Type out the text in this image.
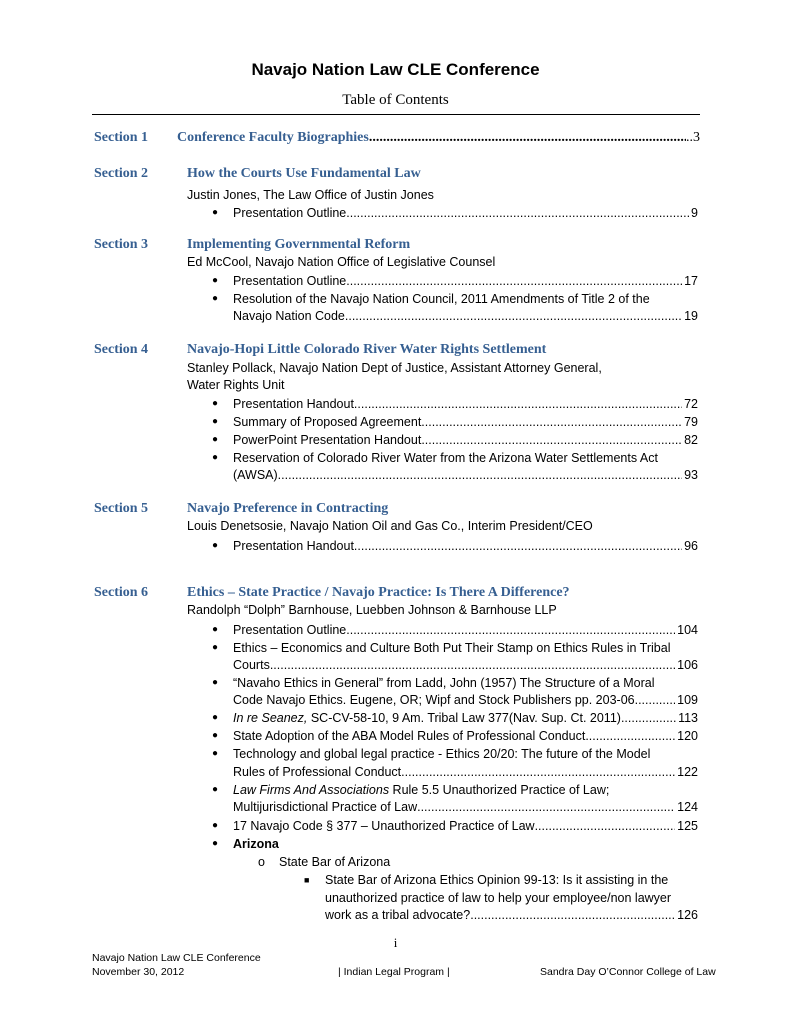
Navajo Nation Law CLE Conference
Table of Contents
Section 1 Conference Faculty Biographies .....	..3
Section 2	How the Courts Use Fundamental Law
Justin Jones, The Law Office of Justin Jones
● Presentation Outline .....	9
Section 3	Implementing Governmental Reform
Ed McCool, Navajo Nation Office of Legislative Counsel
● Presentation Outline .....	17
● Resolution of the Navajo Nation Council, 2011 Amendments of Title 2 of the
Navajo Nation Code .....	19
Section 4	Navajo-Hopi Little Colorado River Water Rights Settlement
Stanley Pollack, Navajo Nation Dept of Justice, Assistant Attorney General,
Water Rights Unit
● Presentation Handout .....	72
● Summary of Proposed Agreement .....	79
● PowerPoint Presentation Handout .....	82
● Reservation of Colorado River Water from the Arizona Water Settlements Act
(AWSA) .....	93
Section 5	Navajo Preference in Contracting
Louis Denetsosie, Navajo Nation Oil and Gas Co., Interim President/CEO
● Presentation Handout .....	96
Section 6	Ethics – State Practice / Navajo Practice: Is There A Difference?
Randolph “Dolph” Barnhouse, Luebben Johnson & Barnhouse LLP
● Presentation Outline .....	104
● Ethics – Economics and Culture Both Put Their Stamp on Ethics Rules in Tribal
Courts .....	106
● “Navaho Ethics in General” from Ladd, John (1957) The Structure of a Moral
Code Navajo Ethics. Eugene, OR; Wipf and Stock Publishers pp. 203-06 .....	109
● In re Seanez, SC-CV-58-10, 9 Am. Tribal Law 377(Nav. Sup. Ct. 2011) .....	113
● State Adoption of the ABA Model Rules of Professional Conduct .....	120
● Technology and global legal practice - Ethics 20/20: The future of the Model
Rules of Professional Conduct .....	122
● Law Firms And Associations Rule 5.5 Unauthorized Practice of Law;
Multijurisdictional Practice of Law .....	124
● 17 Navajo Code § 377 – Unauthorized Practice of Law .....	125
● Arizona
o State Bar of Arizona
■ State Bar of Arizona Ethics Opinion 99-13: Is it assisting in the
unauthorized practice of law to help your employee/non lawyer
work as a tribal advocate? .....	126
i
Navajo Nation Law CLE Conference
November 30, 2012	| Indian Legal Program |	Sandra Day O’Connor College of Law
